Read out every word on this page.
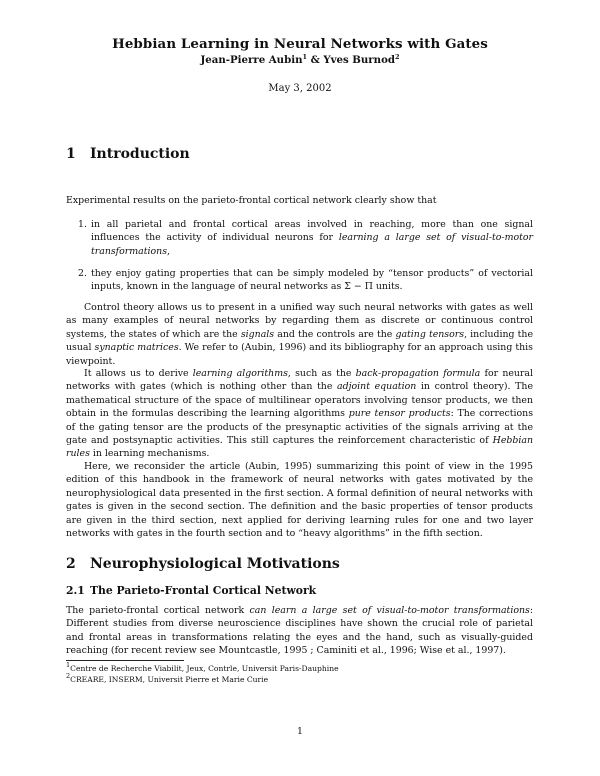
Hebbian Learning in Neural Networks with Gates
Jean-Pierre Aubin$^1$ & Yves Burnod$^2$
May 3, 2002
1 Introduction
Experimental results on the parieto-frontal cortical network clearly show that
1. in all parietal and frontal cortical areas involved in reaching, more than one signal influences the activity of individual neurons for learning a large set of visual-to-motor transformations,
2. they enjoy gating properties that can be simply modeled by “tensor products” of vectorial inputs, known in the language of neural networks as Σ − Π units.
Control theory allows us to present in a unified way such neural networks with gates as well as many examples of neural networks by regarding them as discrete or continuous control systems, the states of which are the signals and the controls are the gating tensors, including the usual synaptic matrices. We refer to (Aubin, 1996) and its bibliography for an approach using this viewpoint.
It allows us to derive learning algorithms, such as the back-propagation formula for neural networks with gates (which is nothing other than the adjoint equation in control theory). The mathematical structure of the space of multilinear operators involving tensor products, we then obtain in the formulas describing the learning algorithms pure tensor products: The corrections of the gating tensor are the products of the presynaptic activities of the signals arriving at the gate and postsynaptic activities. This still captures the reinforcement characteristic of Hebbian rules in learning mechanisms.
Here, we reconsider the article (Aubin, 1995) summarizing this point of view in the 1995 edition of this handbook in the framework of neural networks with gates motivated by the neurophysiological data presented in the first section. A formal definition of neural networks with gates is given in the second section. The definition and the basic properties of tensor products are given in the third section, next applied for deriving learning rules for one and two layer networks with gates in the fourth section and to “heavy algorithms” in the fifth section.
2 Neurophysiological Motivations
2.1 The Parieto-Frontal Cortical Network
The parieto-frontal cortical network can learn a large set of visual-to-motor transformations: Different studies from diverse neuroscience disciplines have shown the crucial role of parietal and frontal areas in transformations relating the eyes and the hand, such as visually-guided reaching (for recent review see Mountcastle, 1995 ; Caminiti et al., 1996; Wise et al., 1997).
$^1$Centre de Recherche Viabilit, Jeux, Contrle, Universit Paris-Dauphine
$^2$CREARE, INSERM, Universit Pierre et Marie Curie
1
